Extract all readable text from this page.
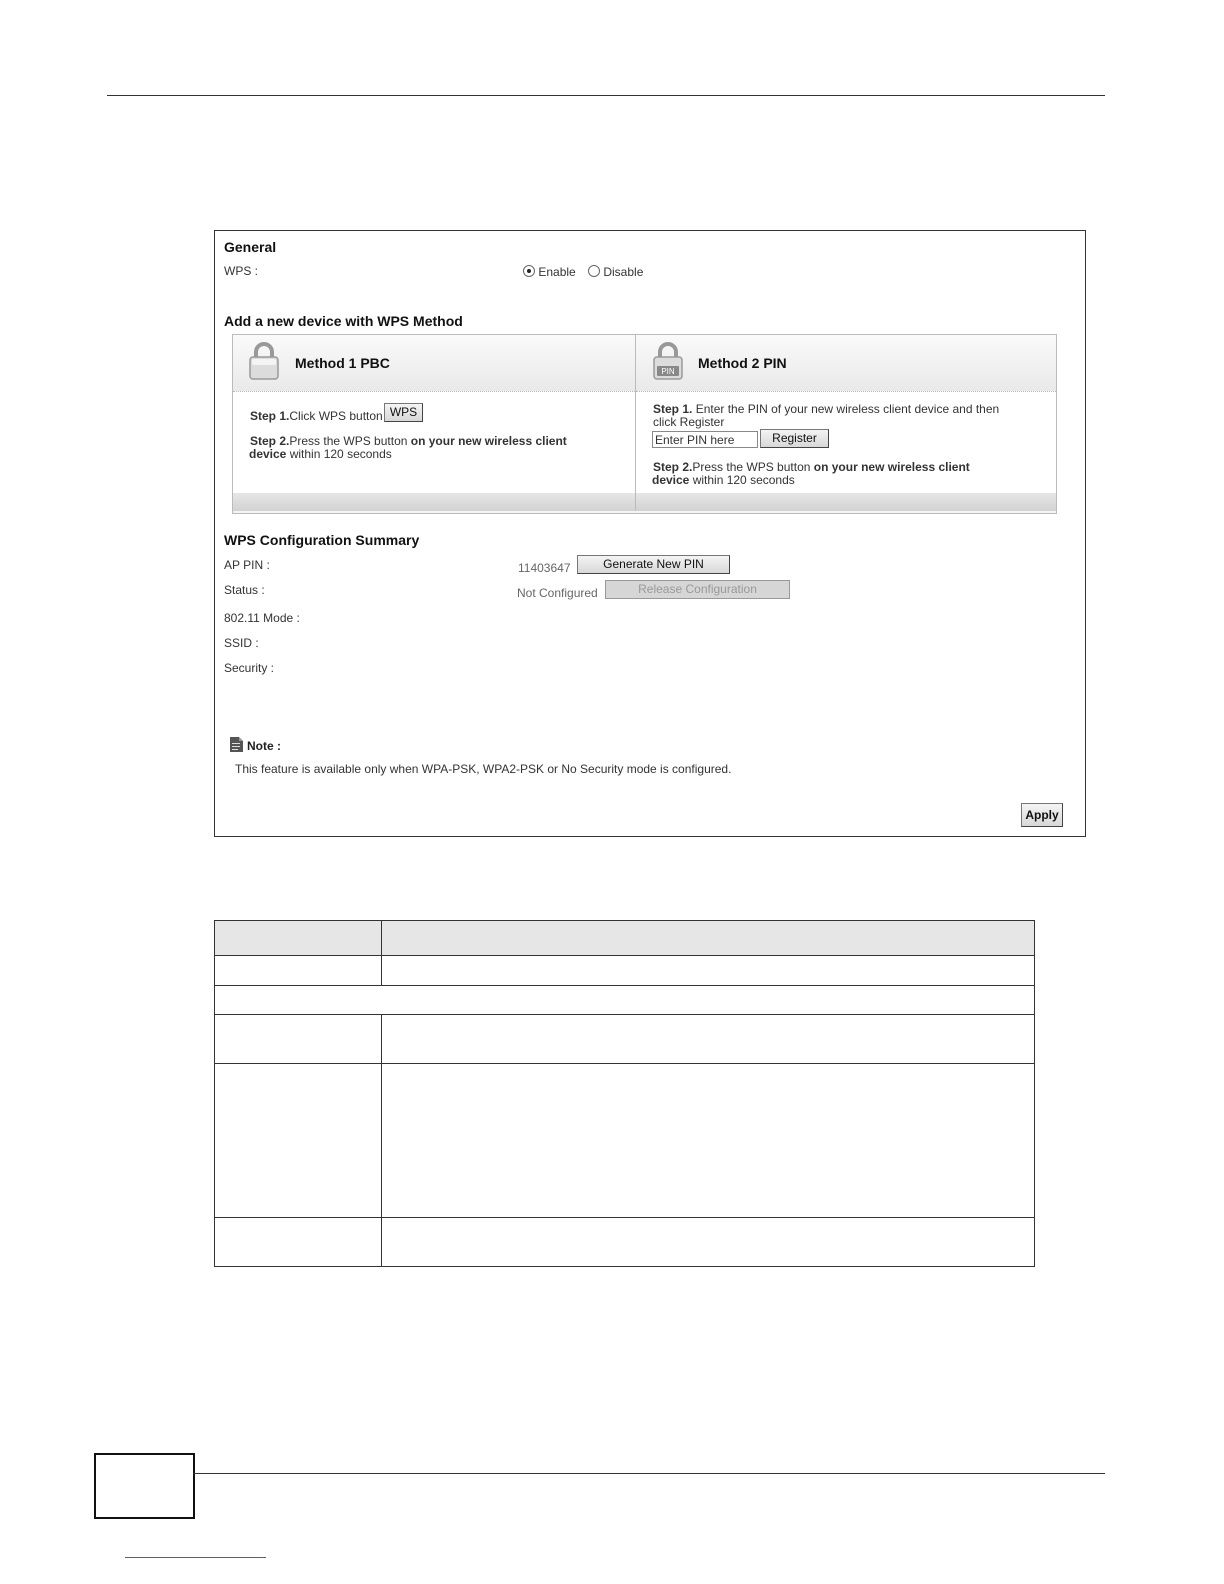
General
WPS :	Enable	Disable
Add a new device with WPS Method
Method 1 PBC
Step 1.Click WPS button WPS
Step 2.Press the WPS button on your new wireless client
device within 120 seconds
PIN
Method 2 PIN
Step 1. Enter the PIN of your new wireless client device and then
click Register
Enter PIN here	Register
Step 2.Press the WPS button on your new wireless client
device within 120 seconds
WPS Configuration Summary
AP PIN :	11403647	Generate New PIN
Status :	Not Configured	Release Configuration
802.11 Mode :
SSID :
Security :
Note :
This feature is available only when WPA-PSK, WPA2-PSK or No Security mode is configured.
Apply
